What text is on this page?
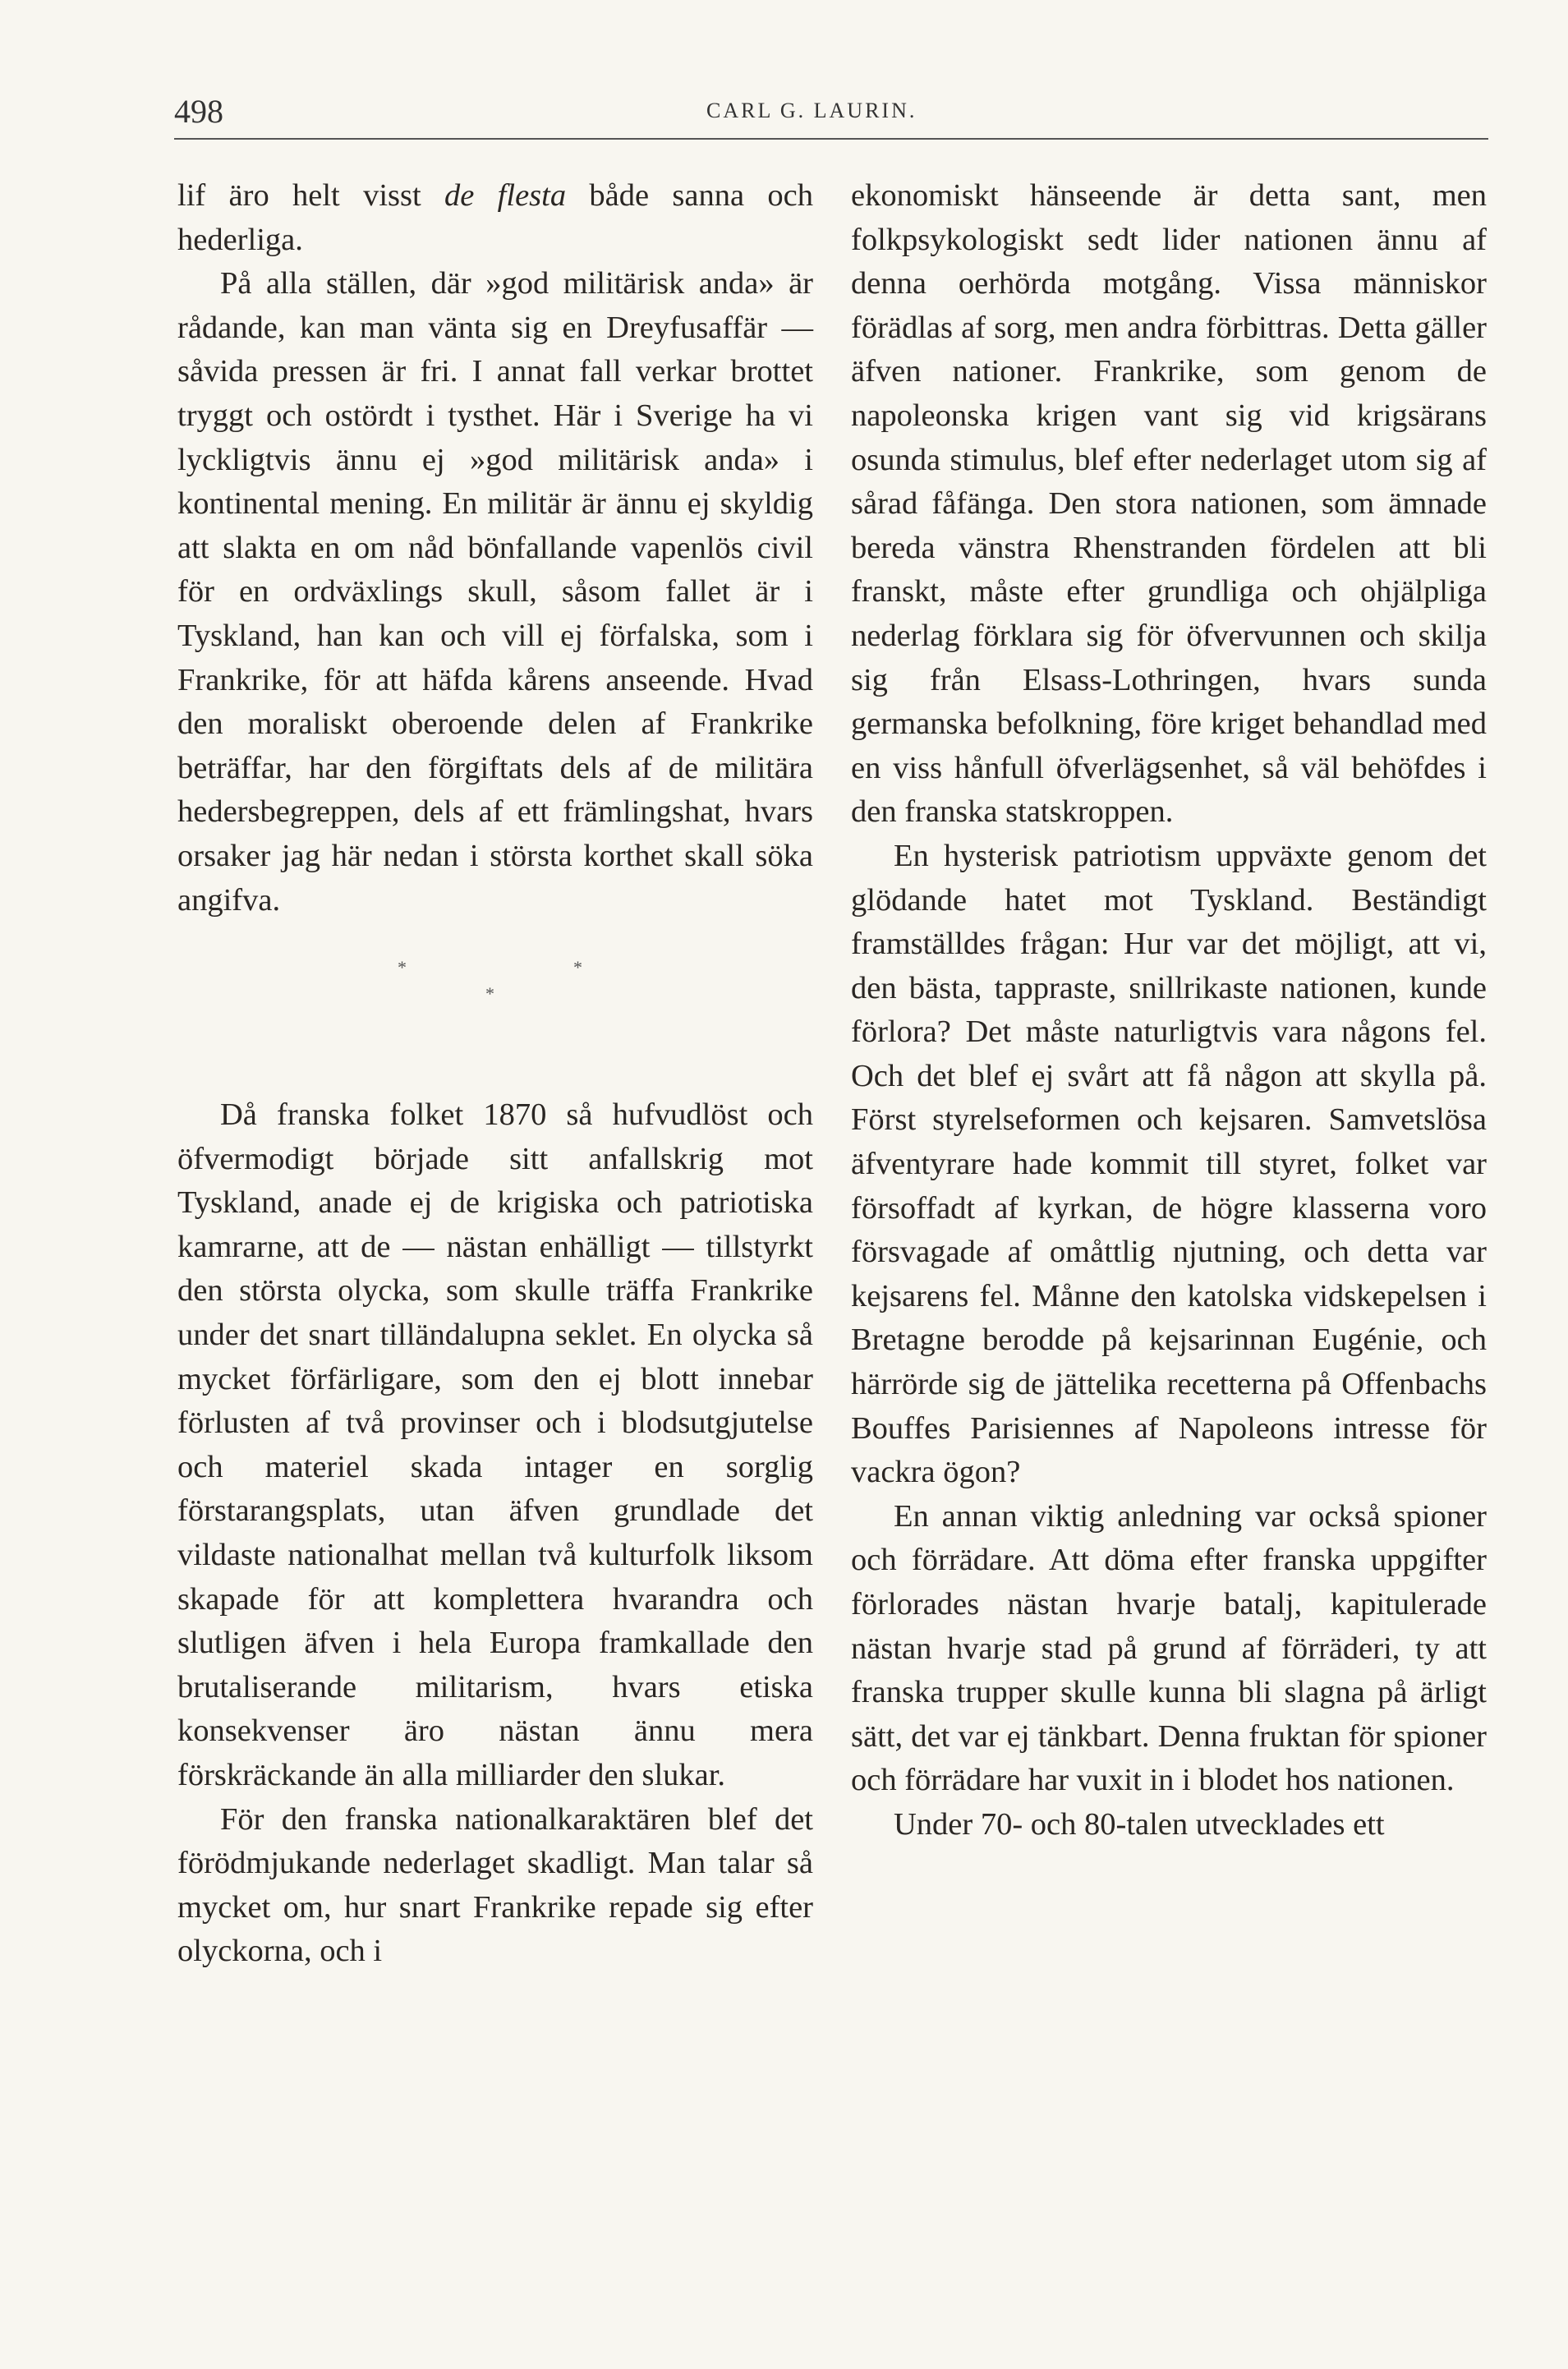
498	CARL G. LAURIN.

lif äro helt visst de flesta både sanna och hederliga.

På alla ställen, där »god militärisk anda» är rådande, kan man vänta sig en Dreyfusaffär — såvida pressen är fri. I annat fall verkar brottet tryggt och ostördt i tysthet. Här i Sverige ha vi lyckligtvis ännu ej »god militärisk anda» i kontinental mening. En militär är ännu ej skyldig att slakta en om nåd bönfallande vapenlös civil för en ordväxlings skull, såsom fallet är i Tyskland, han kan och vill ej förfalska, som i Frankrike, för att häfda kårens anseende. Hvad den moraliskt oberoende delen af Frankrike beträffar, har den förgiftats dels af de militära hedersbegreppen, dels af ett främlingshat, hvars orsaker jag här nedan i största korthet skall söka angifva.

*	*
*

Då franska folket 1870 så hufvudlöst och öfvermodigt började sitt anfallskrig mot Tyskland, anade ej de krigiska och patriotiska kamrarne, att de — nästan enhälligt — tillstyrkt den största olycka, som skulle träffa Frankrike under det snart tilländalupna seklet. En olycka så mycket förfärligare, som den ej blott innebar förlusten af två provinser och i blodsutgjutelse och materiel skada intager en sorglig förstarangsplats, utan äfven grundlade det vildaste nationalhat mellan två kulturfolk liksom skapade för att komplettera hvarandra och slutligen äfven i hela Europa framkallade den brutaliserande militarism, hvars etiska konsekvenser äro nästan ännu mera förskräckande än alla milliarder den slukar.

För den franska nationalkaraktären blef det förödmjukande nederlaget skadligt. Man talar så mycket om, hur snart Frankrike repade sig efter olyckorna, och i

ekonomiskt hänseende är detta sant, men folkpsykologiskt sedt lider nationen ännu af denna oerhörda motgång. Vissa människor förädlas af sorg, men andra förbittras. Detta gäller äfven nationer. Frankrike, som genom de napoleonska krigen vant sig vid krigsärans osunda stimulus, blef efter nederlaget utom sig af sårad fåfänga. Den stora nationen, som ämnade bereda vänstra Rhenstranden fördelen att bli franskt, måste efter grundliga och ohjälpliga nederlag förklara sig för öfvervunnen och skilja sig från Elsass-Lothringen, hvars sunda germanska befolkning, före kriget behandlad med en viss hånfull öfverlägsenhet, så väl behöfdes i den franska statskroppen.

En hysterisk patriotism uppväxte genom det glödande hatet mot Tyskland. Beständigt framställdes frågan: Hur var det möjligt, att vi, den bästa, tappraste, snillrikaste nationen, kunde förlora? Det måste naturligtvis vara någons fel. Och det blef ej svårt att få någon att skylla på. Först styrelseformen och kejsaren. Samvetslösa äfventyrare hade kommit till styret, folket var försoffadt af kyrkan, de högre klasserna voro försvagade af omåttlig njutning, och detta var kejsarens fel. Månne den katolska vidskepelsen i Bretagne berodde på kejsarinnan Eugénie, och härrörde sig de jättelika recetterna på Offenbachs Bouffes Parisiennes af Napoleons intresse för vackra ögon?

En annan viktig anledning var också spioner och förrädare. Att döma efter franska uppgifter förlorades nästan hvarje batalj, kapitulerade nästan hvarje stad på grund af förräderi, ty att franska trupper skulle kunna bli slagna på ärligt sätt, det var ej tänkbart. Denna fruktan för spioner och förrädare har vuxit in i blodet hos nationen.

Under 70- och 80-talen utvecklades ett
